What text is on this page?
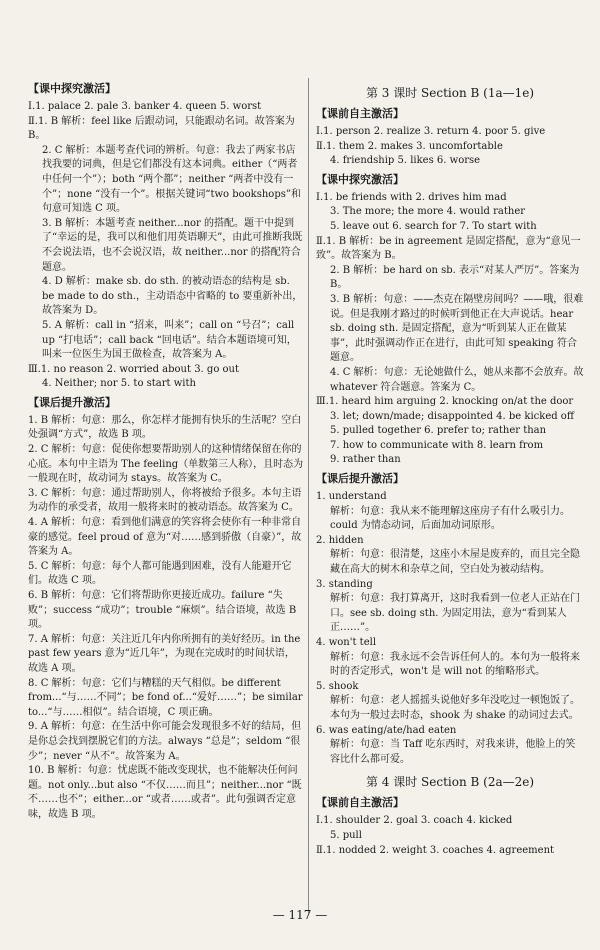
【课中探究激活】
Ⅰ.1. palace 2. pale 3. banker 4. queen 5. worst
Ⅱ.1. B 解析：feel like 后跟动词，只能跟动名词。故答案为 B。
2. C 解析：本题考查代词的辨析。句意：我去了两家书店找我要的词典，但是它们都没有这本词典。either（“两者中任何一个”）；both “两个都”；neither “两者中没有一个”；none “没有一个”。根据关键词“two bookshops”和句意可知选 C 项。
3. B 解析：本题考查 neither...nor 的搭配。题干中提到了“幸运的是，我可以和他们用英语聊天”，由此可推断我既不会说法语，也不会说汉语，故 neither...nor 的搭配符合题意。
4. D 解析：make sb. do sth. 的被动语态的结构是 sb. be made to do sth.，主动语态中省略的 to 要重新补出，故答案为 D。
5. A 解析：call in “招来，叫来”；call on “号召”；call up “打电话”；call back “回电话”。结合本题语境可知，叫来一位医生为国王做检查，故答案为 A。
Ⅲ.1. no reason 2. worried about 3. go out
4. Neither; nor 5. to start with
【课后提升激活】
1. B 解析：句意：那么，你怎样才能拥有快乐的生活呢？空白处强调“方式”，故选 B 项。
2. C 解析：句意：促使你想要帮助别人的这种情绪保留在你的心底。本句中主语为 The feeling（单数第三人称），且时态为一般现在时，故动词为 stays。故答案为 C。
3. C 解析：句意：通过帮助别人，你将被给予很多。本句主语为动作的承受者，故用一般将来时的被动语态。故答案为 C。
4. A 解析：句意：看到他们满意的笑容将会使你有一种非常自豪的感觉。feel proud of 意为“对……感到骄傲（自豪）”，故答案为 A。
5. C 解析：句意：每个人都可能遇到困难，没有人能避开它们。故选 C 项。
6. B 解析：句意：它们将帮助你更接近成功。failure “失败”；success “成功”；trouble “麻烦”。结合语境，故选 B 项。
7. A 解析：句意：关注近几年内你所拥有的美好经历。in the past few years 意为“近几年”，为现在完成时的时间状语，故选 A 项。
8. C 解析：句意：它们与糟糕的天气相似。be different from...“与……不同”；be fond of...“爱好……”；be similar to...“与……相似”。结合语境，C 项正确。
9. A 解析：句意：在生活中你可能会发现很多不好的结局，但是你总会找到摆脱它们的方法。always “总是”；seldom “很少”；never “从不”。故答案为 A。
10. B 解析：句意：忧虑既不能改变现状，也不能解决任何问题。not only...but also “不仅……而且”；neither...nor “既不……也不”；either...or “或者……或者”。此句强调否定意味，故选 B 项。
第 3 课时 Section B (1a—1e)
【课前自主激活】
Ⅰ.1. person 2. realize 3. return 4. poor 5. give
Ⅱ.1. them 2. makes 3. uncomfortable
4. friendship 5. likes 6. worse
【课中探究激活】
Ⅰ.1. be friends with 2. drives him mad
3. The more; the more 4. would rather
5. leave out 6. search for 7. To start with
Ⅱ.1. B 解析：be in agreement 是固定搭配，意为“意见一致”。故答案为 B。
2. B 解析：be hard on sb. 表示“对某人严厉”。答案为 B。
3. B 解析：句意：——杰克在隔壁房间吗？——哦，很难说。但是我刚才路过的时候听到他正在大声说话。hear sb. doing sth. 是固定搭配，意为“听到某人正在做某事”，此时强调动作正在进行，由此可知 speaking 符合题意。
4. C 解析：句意：无论她做什么，她从来都不会放弃。故 whatever 符合题意。答案为 C。
Ⅲ.1. heard him arguing 2. knocking on/at the door
3. let; down/made; disappointed 4. be kicked off
5. pulled together 6. prefer to; rather than
7. how to communicate with 8. learn from
9. rather than
【课后提升激活】
1. understand
解析：句意：我从来不能理解这座房子有什么吸引力。could 为情态动词，后面加动词原形。
2. hidden
解析：句意：很清楚，这座小木屋是废弃的，而且完全隐藏在高大的树木和杂草之间，空白处为被动结构。
3. standing
解析：句意：我打算离开，这时我看到一位老人正站在门口。see sb. doing sth. 为固定用法，意为“看到某人正……”。
4. won't tell
解析：句意：我永远不会告诉任何人的。本句为一般将来时的否定形式，won't 是 will not 的缩略形式。
5. shook
解析：句意：老人摇摇头说他好多年没吃过一顿饱饭了。本句为一般过去时态，shook 为 shake 的动词过去式。
6. was eating/ate/had eaten
解析：句意：当 Taff 吃东西时，对我来讲，他脸上的笑容比什么都可爱。
第 4 课时 Section B (2a—2e)
【课前自主激活】
Ⅰ.1. shoulder 2. goal 3. coach 4. kicked
5. pull
Ⅱ.1. nodded 2. weight 3. coaches 4. agreement
— 117 —
